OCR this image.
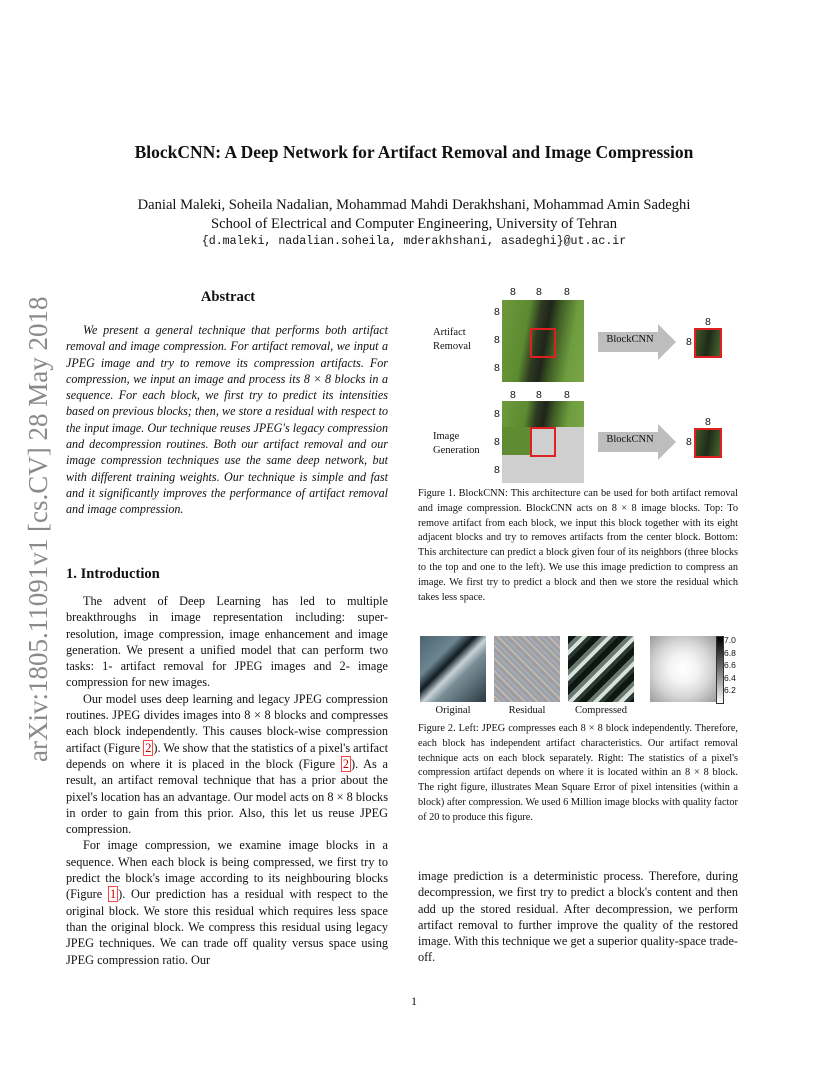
BlockCNN: A Deep Network for Artifact Removal and Image Compression
Danial Maleki, Soheila Nadalian, Mohammad Mahdi Derakhshani, Mohammad Amin Sadeghi
School of Electrical and Computer Engineering, University of Tehran
{d.maleki, nadalian.soheila, mderakhshani, asadeghi}@ut.ac.ir
arXiv:1805.11091v1 [cs.CV] 28 May 2018	Abstract
We present a general technique that performs both artifact removal and image compression. For artifact removal, we input a JPEG image and try to remove its compression artifacts. For compression, we input an image and process its 8 × 8 blocks in a sequence. For each block, we first try to predict its intensities based on previous blocks; then, we store a residual with respect to the input image. Our technique reuses JPEG's legacy compression and decompression routines. Both our artifact removal and our image compression techniques use the same deep network, but with different training weights. Our technique is simple and fast and it significantly improves the performance of artifact removal and image compression.
1. Introduction

The advent of Deep Learning has led to multiple breakthroughs in image representation including: super-resolution, image compression, image enhancement and image generation. We present a unified model that can perform two tasks: 1- artifact removal for JPEG images and 2- image compression for new images.

Our model uses deep learning and legacy JPEG compression routines. JPEG divides images into 8 × 8 blocks and compresses each block independently. This causes block-wise compression artifact (Figure 2 ). We show that the statistics of a pixel's artifact depends on where it is placed in the block (Figure 2 ). As a result, an artifact removal technique that has a prior about the pixel's location has an advantage. Our model acts on 8 × 8 blocks in order to gain from this prior. Also, this let us reuse JPEG compression.

For image compression, we examine image blocks in a sequence. When each block is being compressed, we first try to predict the block's image according to its neighbouring blocks (Figure 1 ). Our prediction has a residual with respect to the original block. We store this residual which requires less space than the original block. We compress this residual using legacy JPEG techniques. We can trade off quality versus space using JPEG compression ratio. Our

Artifact Removal
8 8 8
8
8
8
BlockCNN
8
8
Image Generation
8 8 8
8
8
8
BlockCNN
8
8
Figure 1. BlockCNN: This architecture can be used for both artifact removal and image compression. BlockCNN acts on 8 × 8 image blocks. Top: To remove artifact from each block, we input this block together with its eight adjacent blocks and try to removes artifacts from the center block. Bottom: This architecture can predict a block given four of its neighbors (three blocks to the top and one to the left). We use this image prediction to compress an image. We first try to predict a block and then we store the residual which takes less space.
7.0
6.8
6.6
6.4
6.2
Original	Residual	Compressed
Figure 2. Left: JPEG compresses each 8 × 8 block independently. Therefore, each block has independent artifact characteristics. Our artifact removal technique acts on each block separately. Right: The statistics of a pixel's compression artifact depends on where it is located within an 8 × 8 block. The right figure, illustrates Mean Square Error of pixel intensities (within a block) after compression. We used 6 Million image blocks with quality factor of 20 to produce this figure.
image prediction is a deterministic process. Therefore, during decompression, we first try to predict a block's content and then add up the stored residual. After decompression, we perform artifact removal to further improve the quality of the restored image. With this technique we get a superior quality-space trade-off.
1
